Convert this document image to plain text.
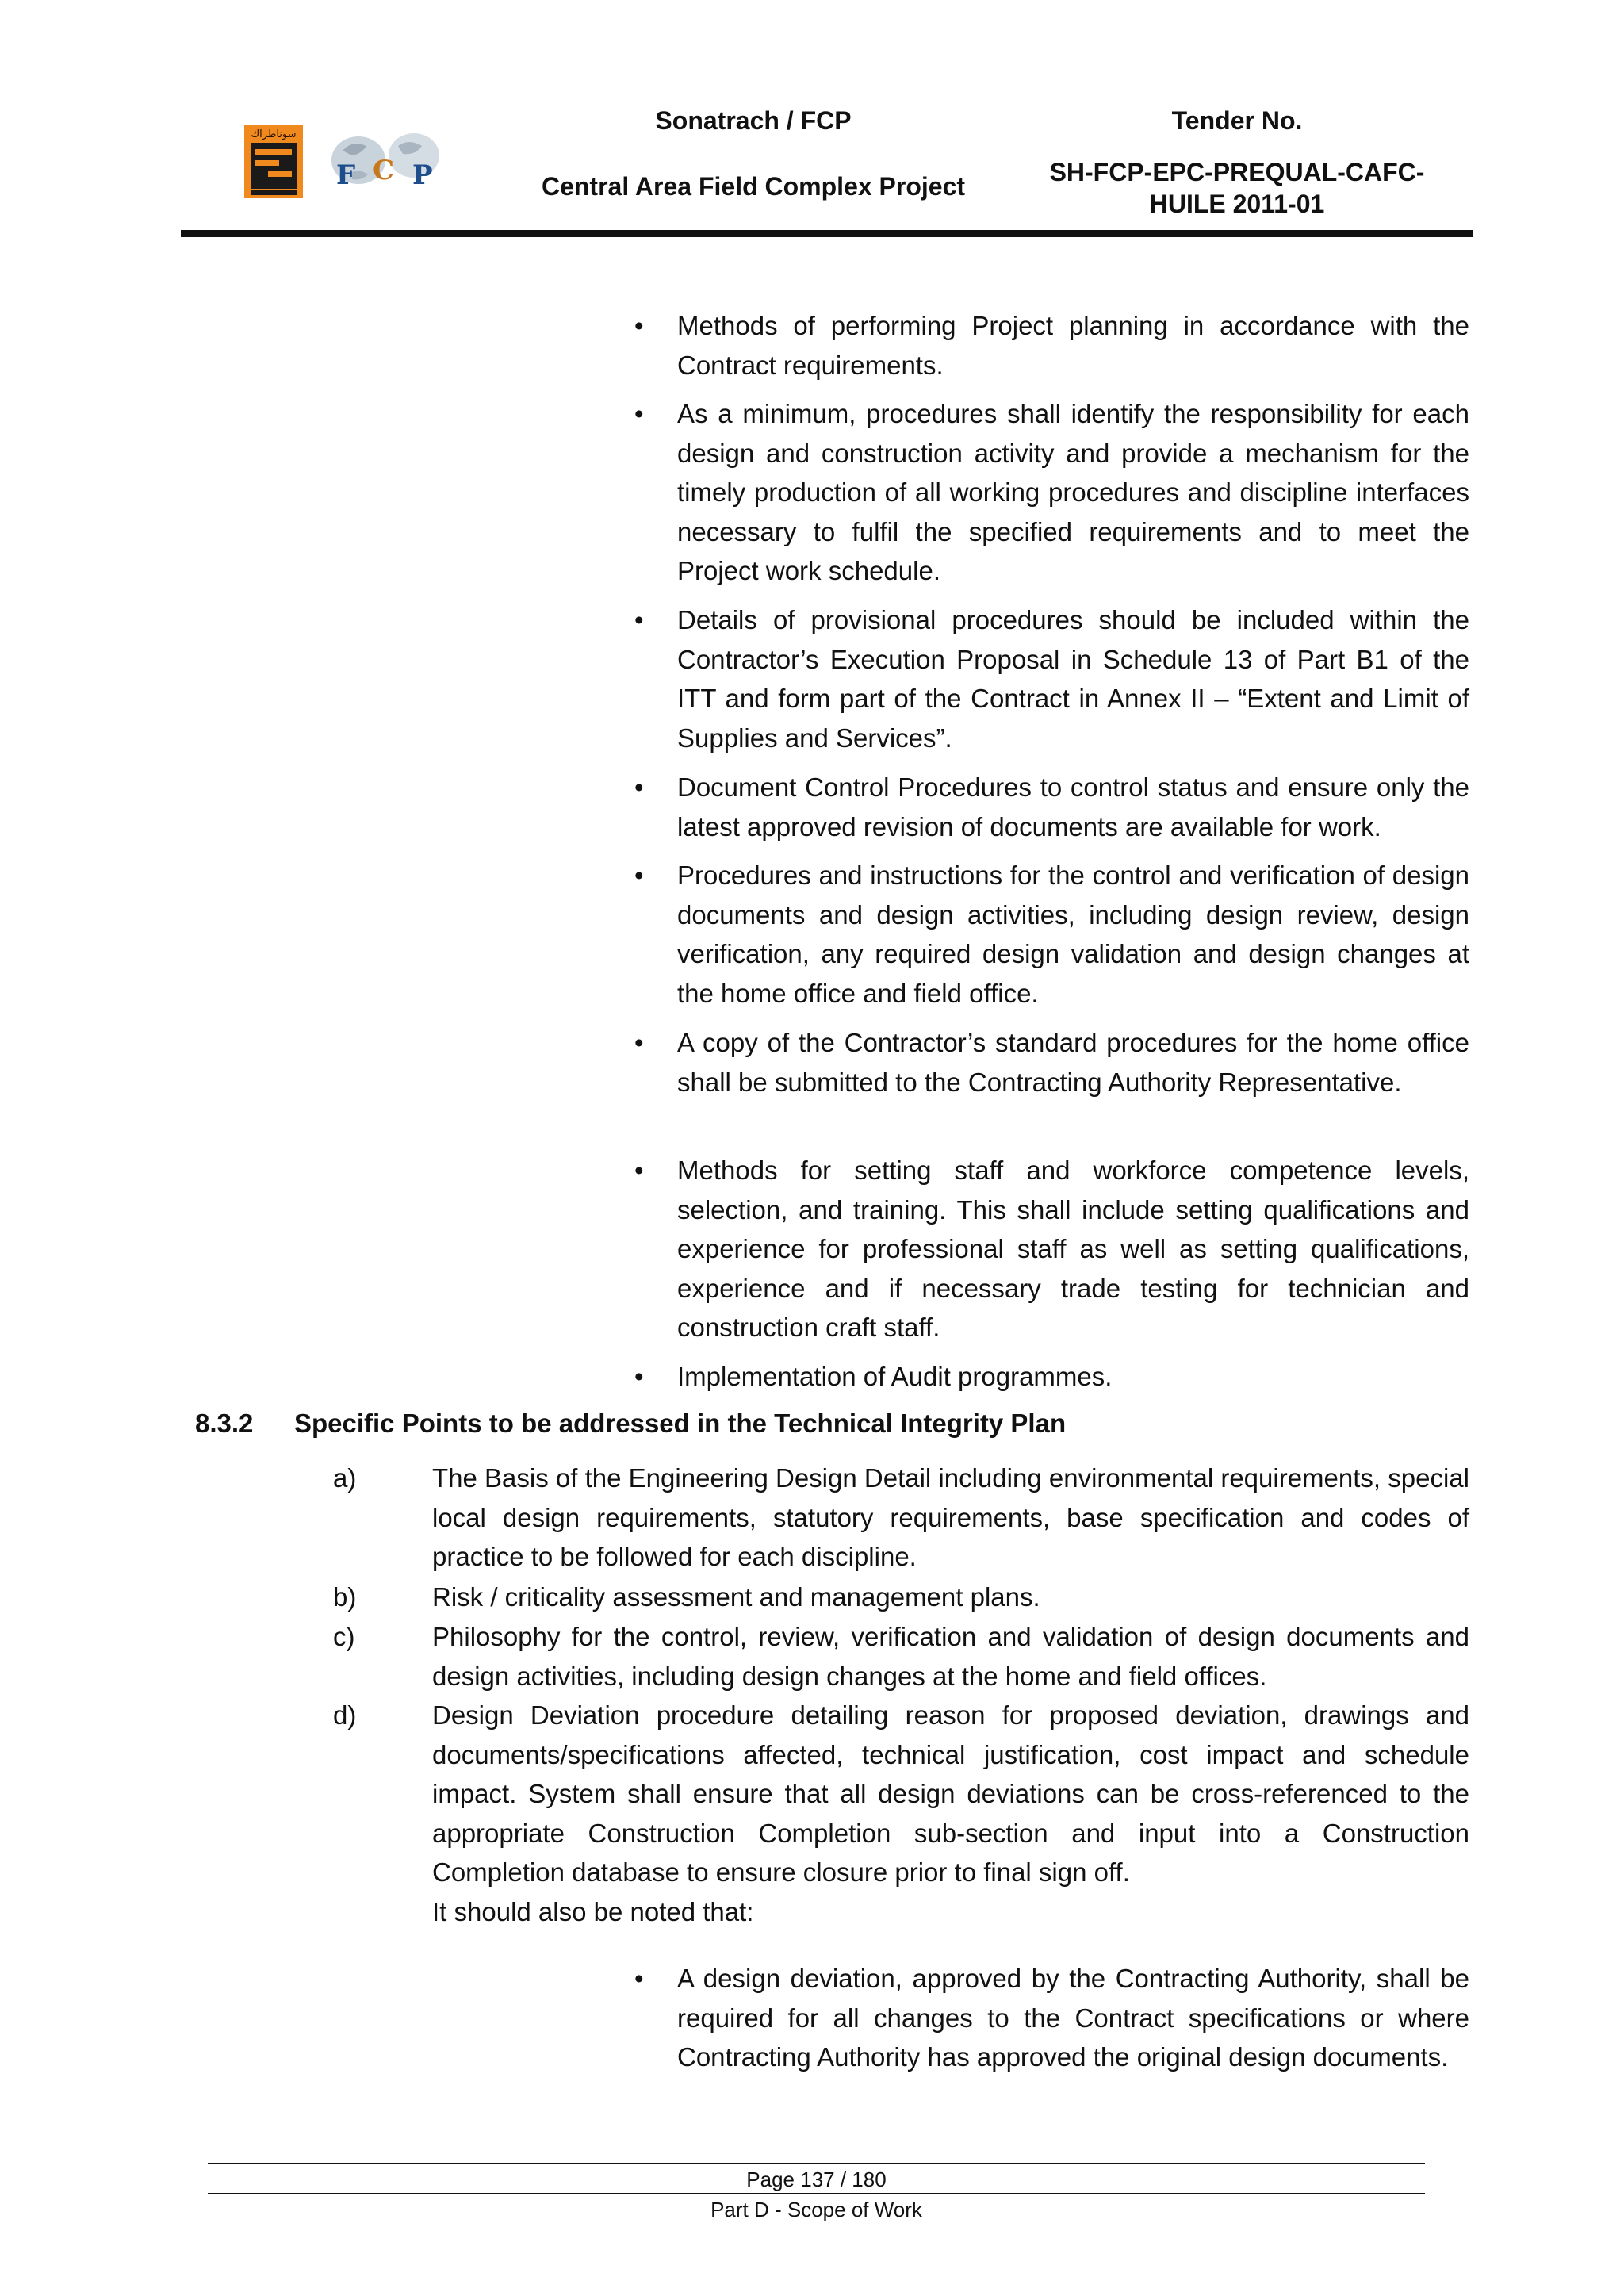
سوناطراك
F C P
Sonatrach / FCP
Central Area Field Complex Project
Tender No.
SH-FCP-EPC-PREQUAL-CAFC-HUILE 2011-01
• Methods of performing Project planning in accordance with the Contract requirements.
• As a minimum, procedures shall identify the responsibility for each design and construction activity and provide a mechanism for the timely production of all working procedures and discipline interfaces necessary to fulfil the specified requirements and to meet the Project work schedule.
• Details of provisional procedures should be included within the Contractor’s Execution Proposal in Schedule 13 of Part B1 of the ITT and form part of the Contract in Annex II – “Extent and Limit of Supplies and Services”.
• Document Control Procedures to control status and ensure only the latest approved revision of documents are available for work.
• Procedures and instructions for the control and verification of design documents and design activities, including design review, design verification, any required design validation and design changes at the home office and field office.
• A copy of the Contractor’s standard procedures for the home office shall be submitted to the Contracting Authority Representative.
• Methods for setting staff and workforce competence levels, selection, and training. This shall include setting qualifications and experience for professional staff as well as setting qualifications, experience and if necessary trade testing for technician and construction craft staff.
• Implementation of Audit programmes.
8.3.2 Specific Points to be addressed in the Technical Integrity Plan
a)	The Basis of the Engineering Design Detail including environmental requirements, special local design requirements, statutory requirements, base specification and codes of practice to be followed for each discipline.
b)	Risk / criticality assessment and management plans.
c)	Philosophy for the control, review, verification and validation of design documents and design activities, including design changes at the home and field offices.
d)	Design Deviation procedure detailing reason for proposed deviation, drawings and documents/specifications affected, technical justification, cost impact and schedule impact. System shall ensure that all design deviations can be cross-referenced to the appropriate Construction Completion sub-section and input into a Construction Completion database to ensure closure prior to final sign off.
It should also be noted that:
• A design deviation, approved by the Contracting Authority, shall be required for all changes to the Contract specifications or where Contracting Authority has approved the original design documents.
Page 137 / 180
Part D - Scope of Work
